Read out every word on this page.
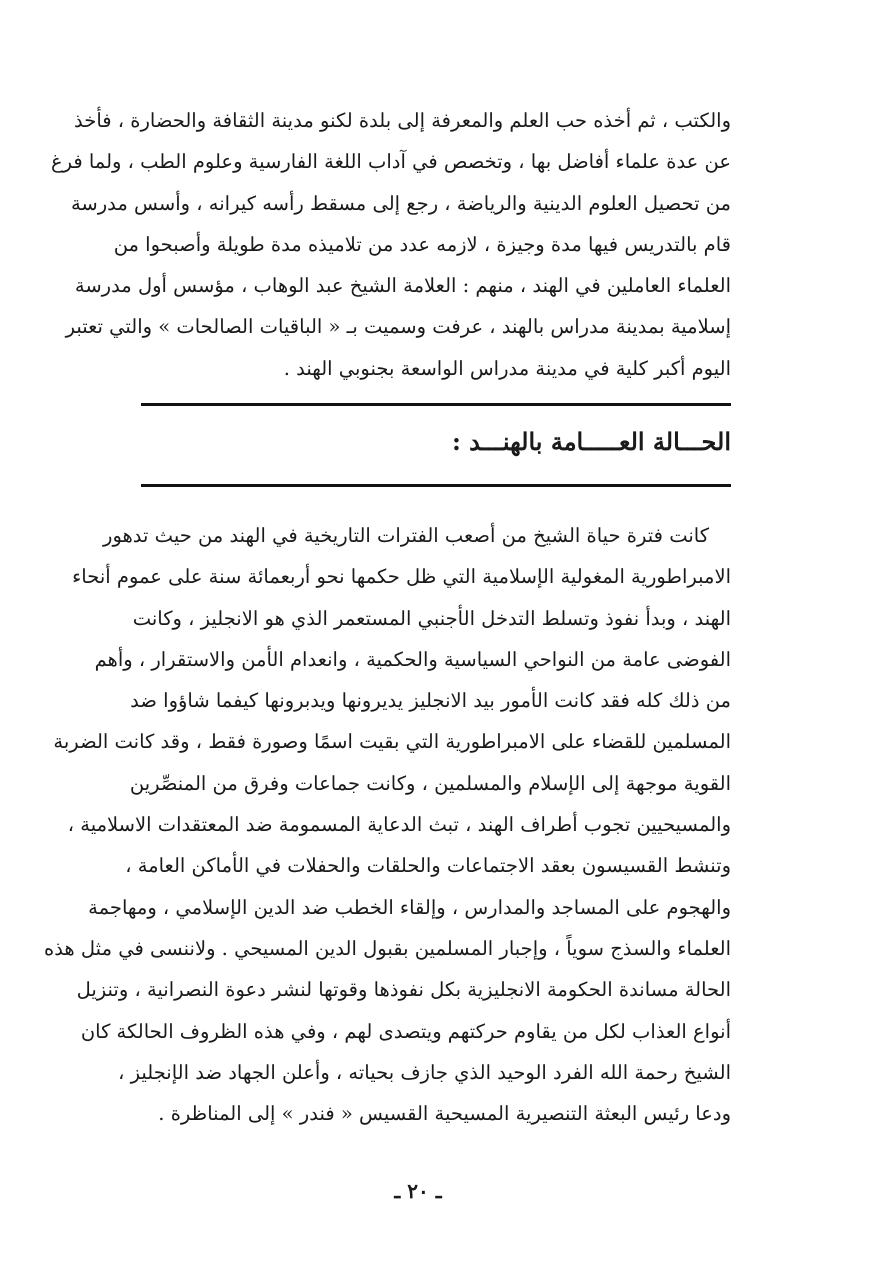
والكتب ، ثم أخذه حب العلم والمعرفة إلى بلدة لكنو مدينة الثقافة والحضارة ، فأخذ
عن عدة علماء أفاضل بها ، وتخصص في آداب اللغة الفارسية وعلوم الطب ، ولما فرغ
من تحصيل العلوم الدينية والرياضة ، رجع إلى مسقط رأسه كيرانه ، وأسس مدرسة
قام بالتدريس فيها مدة وجيزة ، لازمه عدد من تلاميذه مدة طويلة وأصبحوا من
العلماء العاملين في الهند ، منهم : العلامة الشيخ عبد الوهاب ، مؤسس أول مدرسة
إسلامية بمدينة مدراس بالهند ، عرفت وسميت بـ « الباقيات الصالحات » والتي تعتبر
اليوم أكبر كلية في مدينة مدراس الواسعة بجنوبي الهند .
الحـــالة العـــــامة بالهنـــد :
كانت فترة حياة الشيخ من أصعب الفترات التاريخية في الهند من حيث تدهور
الامبراطورية المغولية الإسلامية التي ظل حكمها نحو أربعمائة سنة على عموم أنحاء
الهند ، وبدأ نفوذ وتسلط التدخل الأجنبي المستعمر الذي هو الانجليز ، وكانت
الفوضى عامة من النواحي السياسية والحكمية ، وانعدام الأمن والاستقرار ، وأهم
من ذلك كله فقد كانت الأمور بيد الانجليز يديرونها ويدبرونها كيفما شاؤوا ضد
المسلمين للقضاء على الامبراطورية التي بقيت اسمًا وصورة فقط ، وقد كانت الضربة
القوية موجهة إلى الإسلام والمسلمين ، وكانت جماعات وفرق من المنصِّرين
والمسيحيين تجوب أطراف الهند ، تبث الدعاية المسمومة ضد المعتقدات الاسلامية ،
وتنشط القسيسون بعقد الاجتماعات والحلقات والحفلات في الأماكن العامة ،
والهجوم على المساجد والمدارس ، وإلقاء الخطب ضد الدين الإسلامي ، ومهاجمة
العلماء والسذج سوياً ، وإجبار المسلمين بقبول الدين المسيحي . ولاننسى في مثل هذه
الحالة مساندة الحكومة الانجليزية بكل نفوذها وقوتها لنشر دعوة النصرانية ، وتنزيل
أنواع العذاب لكل من يقاوم حركتهم ويتصدى لهم ، وفي هذه الظروف الحالكة كان
الشيخ رحمة الله الفرد الوحيد الذي جازف بحياته ، وأعلن الجهاد ضد الإنجليز ،
ودعا رئيس البعثة التنصيرية المسيحية القسيس « فندر » إلى المناظرة .
ـ ٢٠ ـ
